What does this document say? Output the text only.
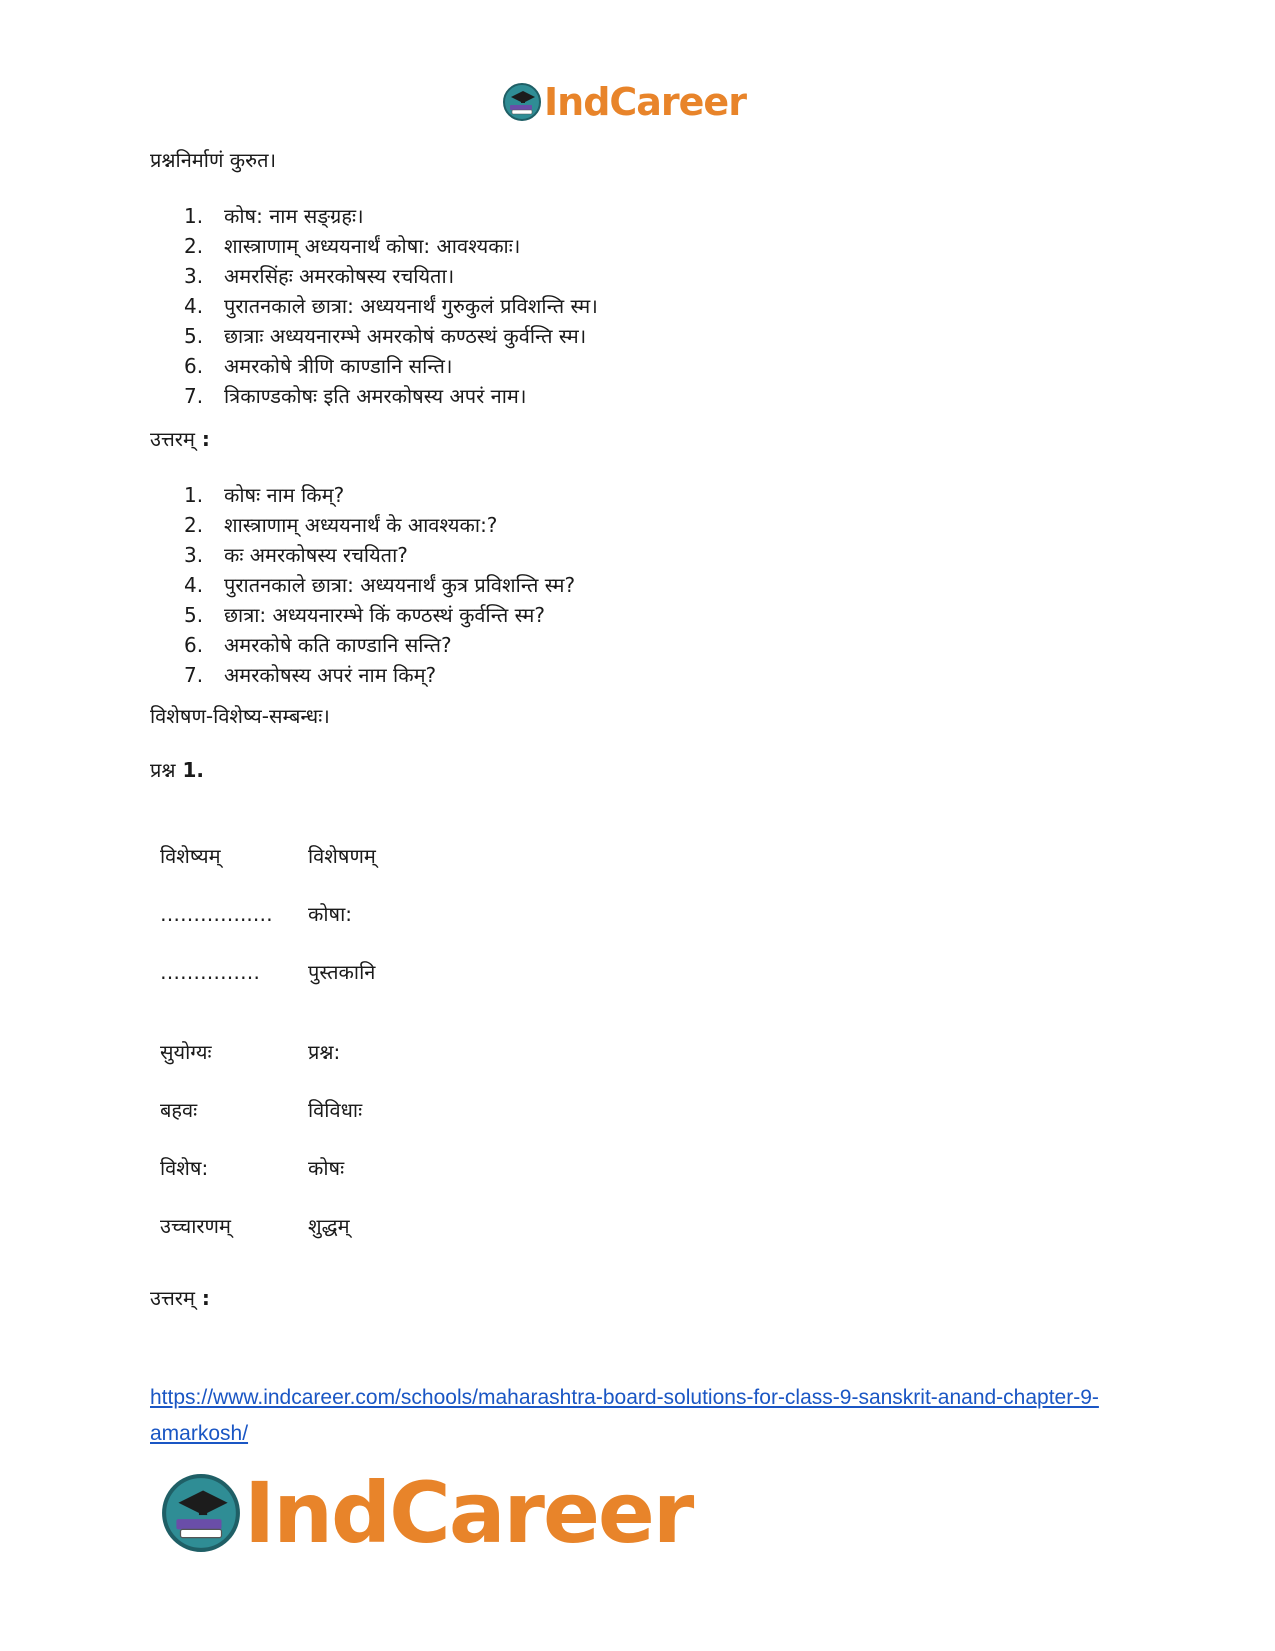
IndCareer
प्रश्ननिर्माणं कुरुत।
1.	कोष: नाम सङ्ग्रहः।
2.	शास्त्राणाम् अध्ययनार्थं कोषा: आवश्यकाः।
3.	अमरसिंहः अमरकोषस्य रचयिता।
4.	पुरातनकाले छात्रा: अध्ययनार्थं गुरुकुलं प्रविशन्ति स्म।
5.	छात्राः अध्ययनारम्भे अमरकोषं कण्ठस्थं कुर्वन्ति स्म।
6.	अमरकोषे त्रीणि काण्डानि सन्ति।
7.	त्रिकाण्डकोषः इति अमरकोषस्य अपरं नाम।
उत्तरम् :
1.	कोषः नाम किम्?
2.	शास्त्राणाम् अध्ययनार्थं के आवश्यका:?
3.	कः अमरकोषस्य रचयिता?
4.	पुरातनकाले छात्रा: अध्ययनार्थं कुत्र प्रविशन्ति स्म?
5.	छात्रा: अध्ययनारम्भे किं कण्ठस्थं कुर्वन्ति स्म?
6.	अमरकोषे कति काण्डानि सन्ति?
7.	अमरकोषस्य अपरं नाम किम्?
विशेषण-विशेष्य-सम्बन्धः।
प्रश्न 1.
विशेष्यम्	विशेषणम्
…………..…	कोषा:
……………	पुस्तकानि
सुयोग्यः	प्रश्न:
बहवः	विविधाः
विशेष:	कोषः
उच्चारणम्	शुद्धम्
उत्तरम् :
https://www.indcareer.com/schools/maharashtra-board-solutions-for-class-9-sanskrit-anand-chapter-9-amarkosh/
IndCareer
